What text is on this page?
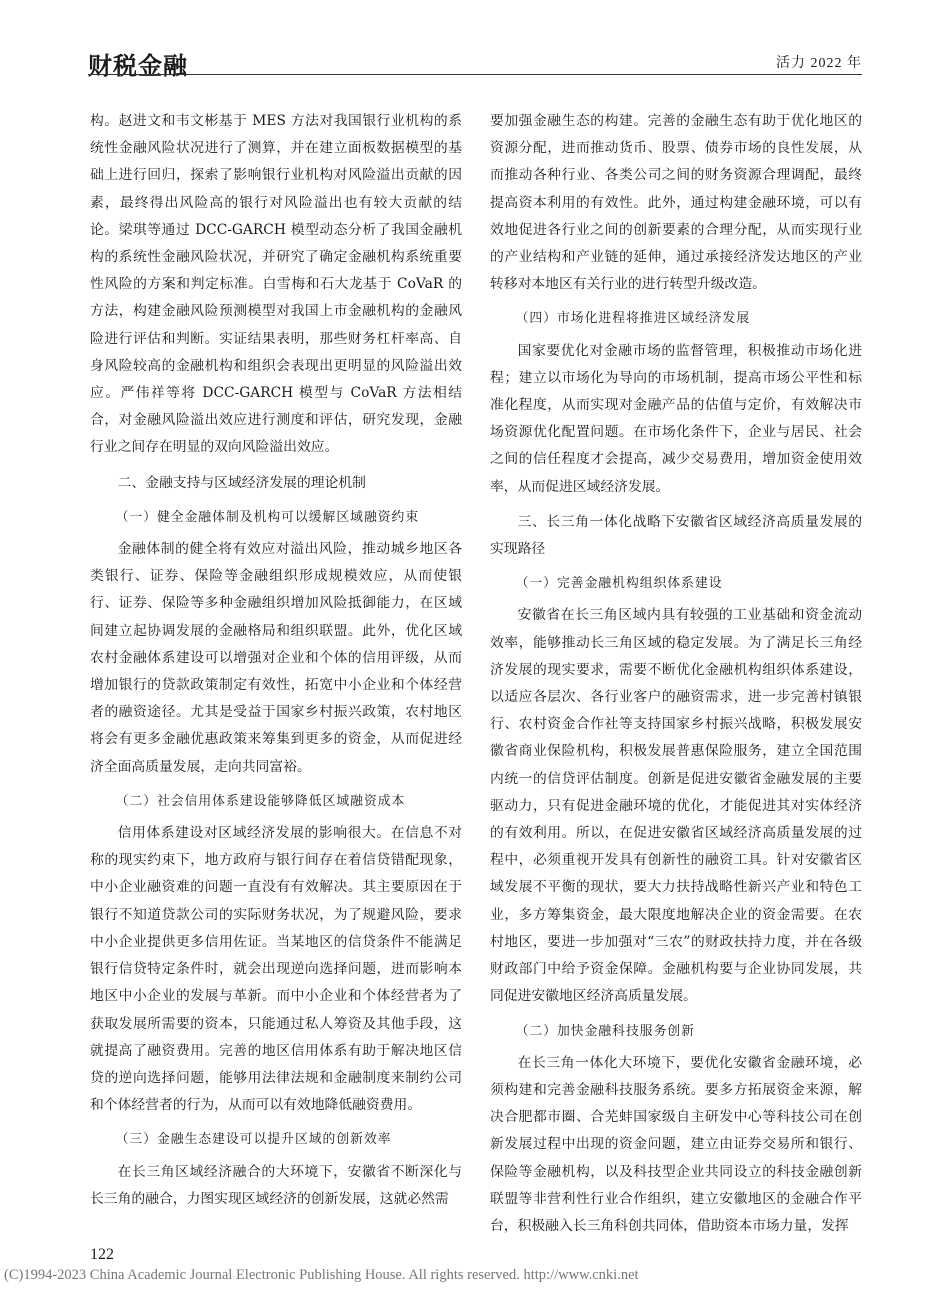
财税金融	活力 2022 年

构。赵进文和韦文彬基于 MES 方法对我国银行业机构的系统性金融风险状况进行了测算，并在建立面板数据模型的基础上进行回归，探索了影响银行业机构对风险溢出贡献的因素，最终得出风险高的银行对风险溢出也有较大贡献的结论。梁琪等通过 DCC-GARCH 模型动态分析了我国金融机构的系统性金融风险状况，并研究了确定金融机构系统重要性风险的方案和判定标准。白雪梅和石大龙基于 CoVaR 的方法，构建金融风险预测模型对我国上市金融机构的金融风险进行评估和判断。实证结果表明，那些财务杠杆率高、自身风险较高的金融机构和组织会表现出更明显的风险溢出效应。严伟祥等将 DCC-GARCH 模型与 CoVaR 方法相结合，对金融风险溢出效应进行测度和评估，研究发现，金融行业之间存在明显的双向风险溢出效应。

二、金融支持与区域经济发展的理论机制

（一）健全金融体制及机构可以缓解区域融资约束

金融体制的健全将有效应对溢出风险，推动城乡地区各类银行、证券、保险等金融组织形成规模效应，从而使银行、证券、保险等多种金融组织增加风险抵御能力，在区域间建立起协调发展的金融格局和组织联盟。此外，优化区域农村金融体系建设可以增强对企业和个体的信用评级，从而增加银行的贷款政策制定有效性，拓宽中小企业和个体经营者的融资途径。尤其是受益于国家乡村振兴政策，农村地区将会有更多金融优惠政策来筹集到更多的资金，从而促进经济全面高质量发展，走向共同富裕。

（二）社会信用体系建设能够降低区域融资成本

信用体系建设对区域经济发展的影响很大。在信息不对称的现实约束下，地方政府与银行间存在着信贷错配现象，中小企业融资难的问题一直没有有效解决。其主要原因在于银行不知道贷款公司的实际财务状况，为了规避风险，要求中小企业提供更多信用佐证。当某地区的信贷条件不能满足银行信贷特定条件时，就会出现逆向选择问题，进而影响本地区中小企业的发展与革新。而中小企业和个体经营者为了获取发展所需要的资本，只能通过私人筹资及其他手段，这就提高了融资费用。完善的地区信用体系有助于解决地区信贷的逆向选择问题，能够用法律法规和金融制度来制约公司和个体经营者的行为，从而可以有效地降低融资费用。

（三）金融生态建设可以提升区域的创新效率

在长三角区域经济融合的大环境下，安徽省不断深化与长三角的融合，力图实现区域经济的创新发展，这就必然需

要加强金融生态的构建。完善的金融生态有助于优化地区的资源分配，进而推动货币、股票、债券市场的良性发展，从而推动各种行业、各类公司之间的财务资源合理调配，最终提高资本利用的有效性。此外，通过构建金融环境，可以有效地促进各行业之间的创新要素的合理分配，从而实现行业的产业结构和产业链的延伸，通过承接经济发达地区的产业转移对本地区有关行业的进行转型升级改造。

（四）市场化进程将推进区域经济发展

国家要优化对金融市场的监督管理，积极推动市场化进程；建立以市场化为导向的市场机制，提高市场公平性和标准化程度，从而实现对金融产品的估值与定价，有效解决市场资源优化配置问题。在市场化条件下，企业与居民、社会之间的信任程度才会提高，减少交易费用，增加资金使用效率，从而促进区域经济发展。

三、长三角一体化战略下安徽省区域经济高质量发展的实现路径

（一）完善金融机构组织体系建设

安徽省在长三角区域内具有较强的工业基础和资金流动效率，能够推动长三角区域的稳定发展。为了满足长三角经济发展的现实要求，需要不断优化金融机构组织体系建设，以适应各层次、各行业客户的融资需求，进一步完善村镇银行、农村资金合作社等支持国家乡村振兴战略，积极发展安徽省商业保险机构，积极发展普惠保险服务，建立全国范围内统一的信贷评估制度。创新是促进安徽省金融发展的主要驱动力，只有促进金融环境的优化，才能促进其对实体经济的有效利用。所以，在促进安徽省区域经济高质量发展的过程中，必须重视开发具有创新性的融资工具。针对安徽省区域发展不平衡的现状，要大力扶持战略性新兴产业和特色工业，多方筹集资金，最大限度地解决企业的资金需要。在农村地区，要进一步加强对“三农”的财政扶持力度，并在各级财政部门中给予资金保障。金融机构要与企业协同发展，共同促进安徽地区经济高质量发展。

（二）加快金融科技服务创新

在长三角一体化大环境下，要优化安徽省金融环境，必须构建和完善金融科技服务系统。要多方拓展资金来源，解决合肥都市圈、合芜蚌国家级自主研发中心等科技公司在创新发展过程中出现的资金问题，建立由证券交易所和银行、保险等金融机构，以及科技型企业共同设立的科技金融创新联盟等非营利性行业合作组织，建立安徽地区的金融合作平台，积极融入长三角科创共同体，借助资本市场力量，发挥

122
(C)1994-2023 China Academic Journal Electronic Publishing House. All rights reserved. http://www.cnki.net
